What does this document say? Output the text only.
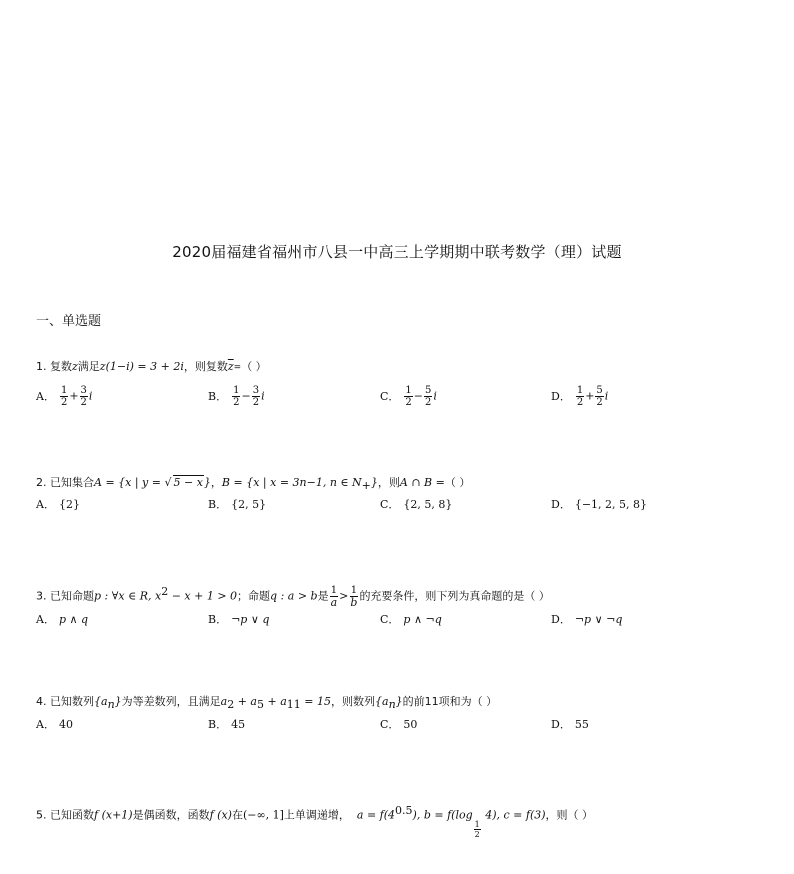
2020届福建省福州市八县一中高三上学期期中联考数学（理）试题
一、单选题
1. 复数z满足z(1−i) = 3 + 2i，则复数$\overline{z}=$（ ）
A． $\frac{1}{2} + \frac{3}{2}$ i	B． $\frac{1}{2} - \frac{3}{2}$ i	C． $\frac{1}{2} - \frac{5}{2}$ i	D． $\frac{1}{2} + \frac{5}{2}$ i
2. 已知集合A = {x | y = √ 5 − x}，B = {x | x = 3n−1, n ∈ $N_+$}，则A ∩ B =（ ）
A． {2}	B． {2, 5}	C． {2, 5, 8}	D． {−1, 2, 5, 8}
3. 已知命题p : ∀x ∈ R, $x^2 - x + 1 > 0$；命题q : a > b是 $\frac{1}{a} > \frac{1}{b}$ 的充要条件，则下列为真命题的是（ ）
A． p ∧ q	B． ¬p ∨ q	C． p ∧ ¬q	D． ¬p ∨ ¬q
4. 已知数列$\{a_n\}$为等差数列，且满足$a_2 + a_5 + a_{11} = 15$，则数列$\{a_n\}$的前11项和为（ ）
A． 40	B． 45	C． 50	D． 55
5. 已知函数f (x+1)是偶函数，函数f (x)在(−∞, 1]上单调递增， $a = f(4^{0.5})$, b = f(log
$\frac{1}{2}$
4), c = f(3)，则（ ）
